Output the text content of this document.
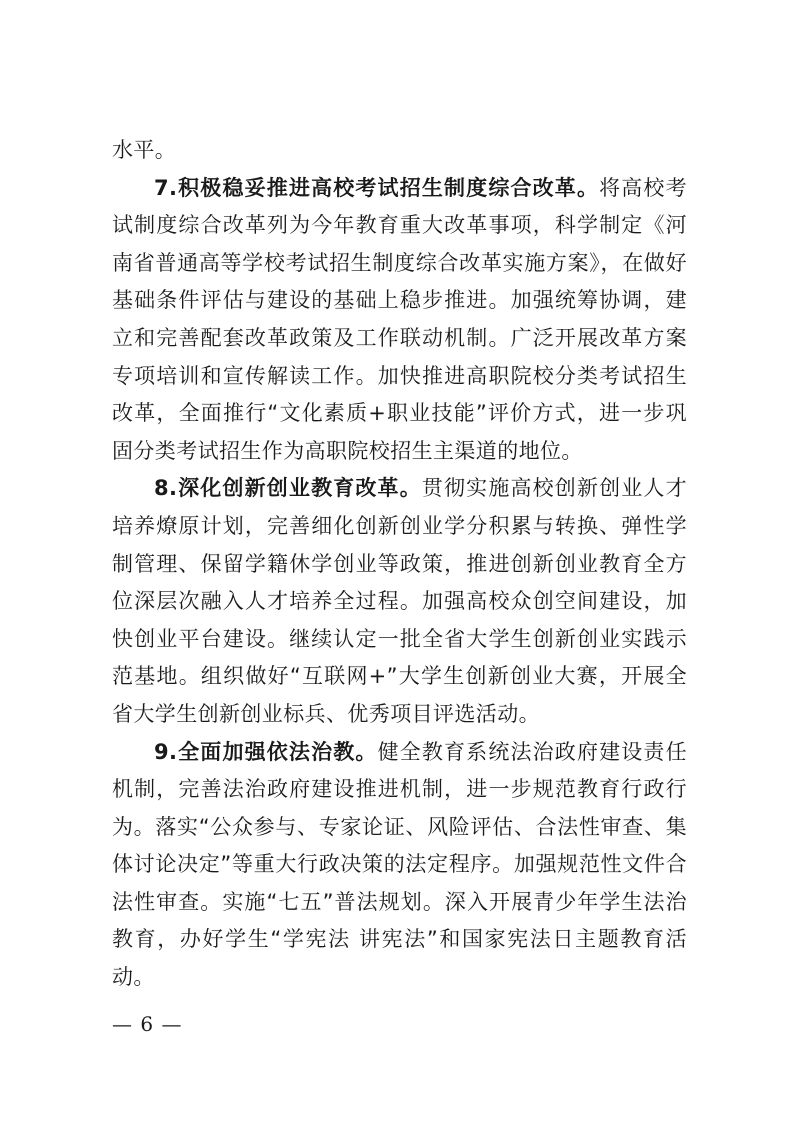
水平。

7.积极稳妥推进高校考试招生制度综合改革。将高校考试制度综合改革列为今年教育重大改革事项，科学制定《河南省普通高等学校考试招生制度综合改革实施方案》，在做好基础条件评估与建设的基础上稳步推进。加强统筹协调，建立和完善配套改革政策及工作联动机制。广泛开展改革方案专项培训和宣传解读工作。加快推进高职院校分类考试招生改革，全面推行“文化素质+职业技能”评价方式，进一步巩固分类考试招生作为高职院校招生主渠道的地位。

8.深化创新创业教育改革。贯彻实施高校创新创业人才培养燎原计划，完善细化创新创业学分积累与转换、弹性学制管理、保留学籍休学创业等政策，推进创新创业教育全方位深层次融入人才培养全过程。加强高校众创空间建设，加快创业平台建设。继续认定一批全省大学生创新创业实践示范基地。组织做好“互联网+”大学生创新创业大赛，开展全省大学生创新创业标兵、优秀项目评选活动。

9.全面加强依法治教。健全教育系统法治政府建设责任机制，完善法治政府建设推进机制，进一步规范教育行政行为。落实“公众参与、专家论证、风险评估、合法性审查、集体讨论决定”等重大行政决策的法定程序。加强规范性文件合法性审查。实施“七五”普法规划。深入开展青少年学生法治教育，办好学生“学宪法 讲宪法”和国家宪法日主题教育活动。

— 6 —
